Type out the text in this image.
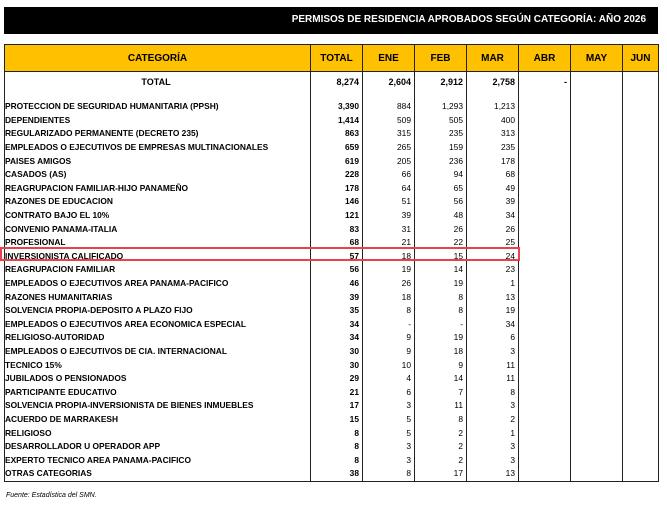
PERMISOS DE RESIDENCIA APROBADOS SEGÚN CATEGORÍA: AÑO 2026
CATEGORÍA	TOTAL	ENE	FEB	MAR	ABR	MAY	JUN
TOTAL	8,274	2,604	2,912	2,758	-		
PROTECCION DE SEGURIDAD HUMANITARIA (PPSH)	3,390	884	1,293	1,213			
DEPENDIENTES	1,414	509	505	400			
REGULARIZADO PERMANENTE (DECRETO 235)	863	315	235	313			
EMPLEADOS O EJECUTIVOS DE EMPRESAS MULTINACIONALES	659	265	159	235			
PAISES AMIGOS	619	205	236	178			
CASADOS (AS)	228	66	94	68			
REAGRUPACION FAMILIAR-HIJO PANAMEÑO	178	64	65	49			
RAZONES DE EDUCACION	146	51	56	39			
CONTRATO BAJO EL 10%	121	39	48	34			
CONVENIO PANAMA-ITALIA	83	31	26	26			
PROFESIONAL	68	21	22	25			
INVERSIONISTA CALIFICADO	57	18	15	24			
REAGRUPACION FAMILIAR	56	19	14	23			
EMPLEADOS O EJECUTIVOS AREA PANAMA-PACIFICO	46	26	19	1			
RAZONES HUMANITARIAS	39	18	8	13			
SOLVENCIA PROPIA-DEPOSITO A PLAZO FIJO	35	8	8	19			
EMPLEADOS O EJECUTIVOS AREA ECONOMICA ESPECIAL	34	-	-	34			
RELIGIOSO-AUTORIDAD	34	9	19	6			
EMPLEADOS O EJECUTIVOS DE CIA. INTERNACIONAL	30	9	18	3			
TECNICO 15%	30	10	9	11			
JUBILADOS O PENSIONADOS	29	4	14	11			
PARTICIPANTE EDUCATIVO	21	6	7	8			
SOLVENCIA PROPIA-INVERSIONISTA DE BIENES INMUEBLES	17	3	11	3			
ACUERDO DE MARRAKESH	15	5	8	2			
RELIGIOSO	8	5	2	1			
DESARROLLADOR U OPERADOR APP	8	3	2	3			
EXPERTO TECNICO AREA PANAMA-PACIFICO	8	3	2	3			
OTRAS CATEGORIAS	38	8	17	13			
Fuente: Estadística del SMN.
